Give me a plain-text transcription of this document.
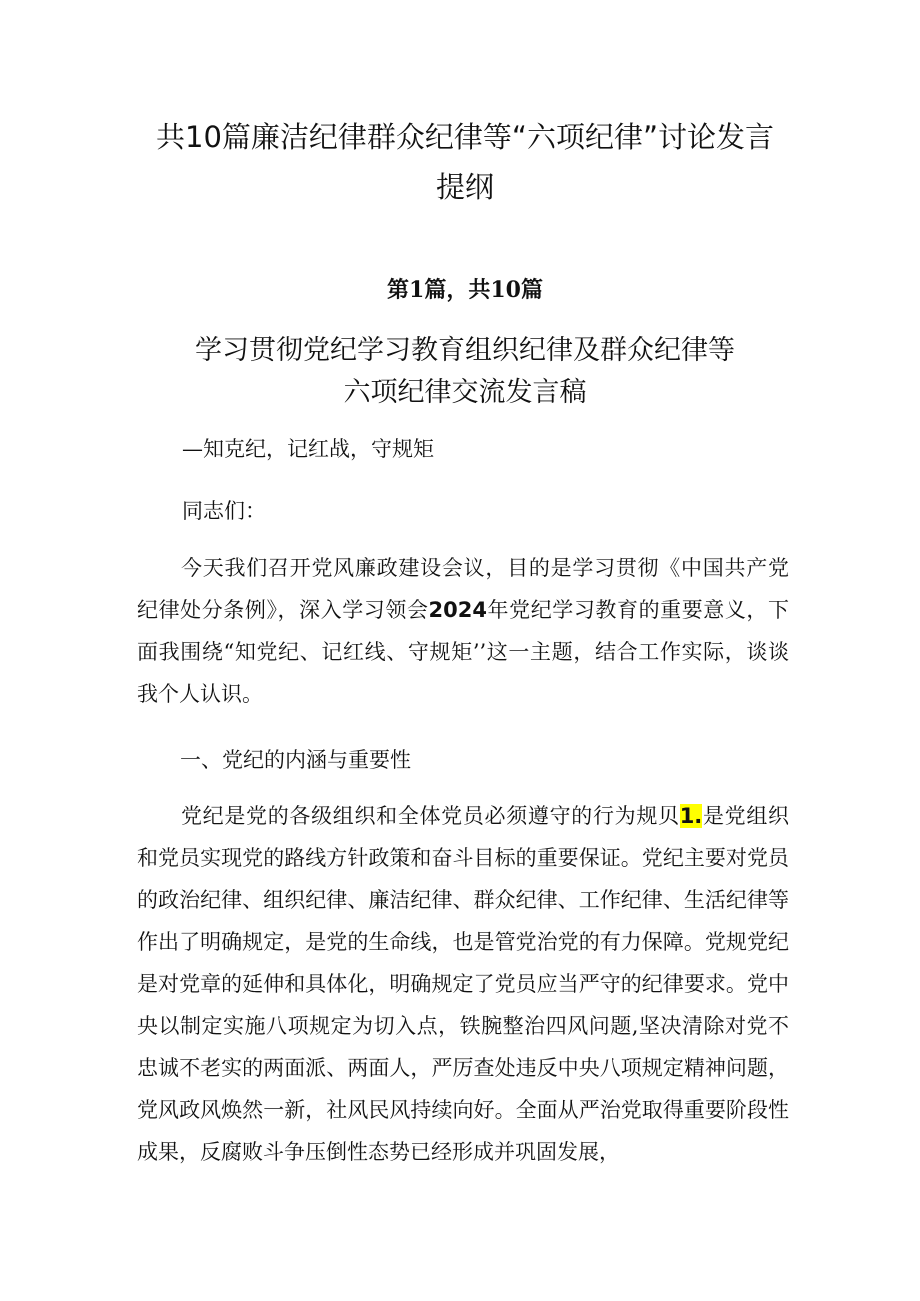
共10篇廉洁纪律群众纪律等“六项纪律”讨论发言
提纲
第1篇，共10篇
学习贯彻党纪学习教育组织纪律及群众纪律等
六项纪律交流发言稿
—知克纪，记红战，守规矩
同志们：
今天我们召开党风廉政建设会议，目的是学习贯彻《中国共产党纪律处分条例》，深入学习领会2024年党纪学习教育的重要意义，下面我围绕“知党纪、记红线、守规矩’’这一主题，结合工作实际，谈谈我个人认识。
一、党纪的内涵与重要性
党纪是党的各级组织和全体党员必须遵守的行为规贝1.是党组织和党员实现党的路线方针政策和奋斗目标的重要保证。党纪主要对党员的政治纪律、组织纪律、廉洁纪律、群众纪律、工作纪律、生活纪律等作出了明确规定，是党的生命线，也是管党治党的有力保障。党规党纪是对党章的延伸和具体化，明确规定了党员应当严守的纪律要求。党中央以制定实施八项规定为切入点，铁腕整治四风问题,坚决清除对党不忠诚不老实的两面派、两面人，严厉查处违反中央八项规定精神问题，党风政风焕然一新，社风民风持续向好。全面从严治党取得重要阶段性成果，反腐败斗争压倒性态势已经形成并巩固发展，
